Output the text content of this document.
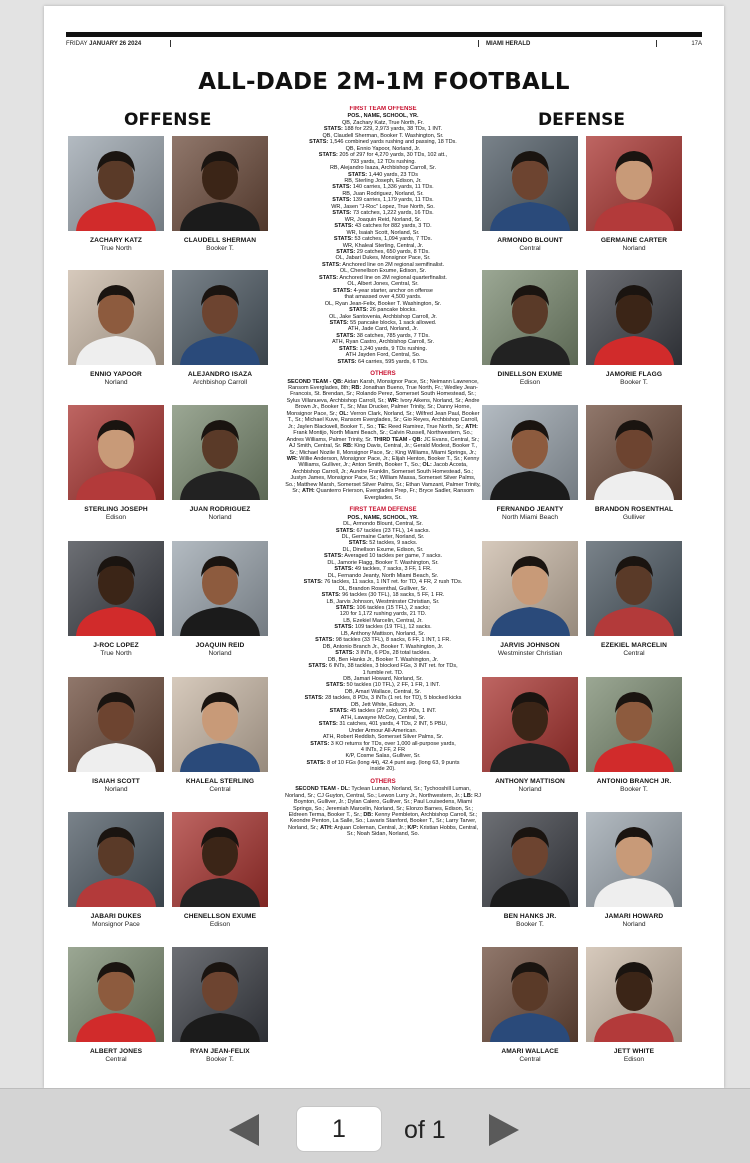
FRIDAY JANUARY 26 2024	MIAMI HERALD	17A
ALL-DADE 2M-1M FOOTBALL
OFFENSE	DEFENSE
ZACHARY KATZ
True North
CLAUDELL SHERMAN
Booker T.
ENNIO YAPOOR
Norland
ALEJANDRO ISAZA
Archbishop Carroll
STERLING JOSEPH
Edison
JUAN RODRIGUEZ
Norland
J-ROC LOPEZ
True North
JOAQUIN REID
Norland
ISAIAH SCOTT
Norland
KHALEAL STERLING
Central
JABARI DUKES
Monsignor Pace
CHENELLSON EXUME
Edison
ALBERT JONES
Central
RYAN JEAN-FELIX
Booker T.
ARMONDO BLOUNT
Central
GERMAINE CARTER
Norland
DINELLSON EXUME
Edison
JAMORIE FLAGG
Booker T.
FERNANDO JEANTY
North Miami Beach
BRANDON ROSENTHAL
Gulliver
JARVIS JOHNSON
Westminster Christian
EZEKIEL MARCELIN
Central
ANTHONY MATTISON
Norland
ANTONIO BRANCH JR.
Booker T.
BEN HANKS JR.
Booker T.
JAMARI HOWARD
Norland
AMARI WALLACE
Central
JETT WHITE
Edison
FIRST TEAM OFFENSE
POS., NAME, SCHOOL, YR.
QB, Zachary Katz, True North, Fr.
STATS: 188 for 229, 2,973 yards, 38 TDs, 1 INT.
QB, Claudell Sherman, Booker T. Washington, Sr.
STATS: 1,546 combined yards rushing and passing, 18 TDs.
QB, Ennio Yapoor, Norland, Jr.
STATS: 205 of 297 for 4,270 yards, 30 TDs, 102 att.,
793 yards, 12 TDs rushing.
RB, Alejandro Isaza, Archbishop Carroll, Sr.
STATS: 1,440 yards, 23 TDs
RB, Sterling Joseph, Edison, Jr.
STATS: 140 carries, 1,336 yards, 11 TDs.
RB, Juan Rodriguez, Norland, Sr.
STATS: 139 carries, 1,179 yards, 11 TDs.
WR, Jasen "J-Roc" Lopez, True North, So.
STATS: 73 catches, 1,222 yards, 16 TDs.
WR, Joaquin Reid, Norland, Sr.
STATS: 43 catches for 882 yards, 3 TD.
WR, Isaiah Scott, Norland, Sr.
STATS: 53 catches, 1,094 yards, 7 TDs.
WR, Khaleal Sterling, Central, Jr.
STATS: 29 catches, 650 yards, 8 TDs.
OL, Jabari Dukes, Monsignor Pace, Sr.
STATS: Anchored line on 2M regional semifinalist.
OL, Chenellson Exume, Edison, Sr.
STATS: Anchored line on 2M regional quarterfinalist.
OL, Albert Jones, Central, Sr.
STATS: 4-year starter, anchor on offense
that amassed over 4,500 yards.
OL, Ryan Jean-Felix, Booker T. Washington, Sr.
STATS: 26 pancake blocks.
OL, Jake Santovenia, Archbishop Carroll, Jr.
STATS: 55 pancake blocks, 1 sack allowed.
ATH, Jade Card, Norland, Jr.
STATS: 38 catches, 785 yards, 7 TDs.
ATH, Ryan Castro, Archbishop Carroll, Sr.
STATS: 1,240 yards, 9 TDs rushing.
ATH Jayden Ford, Central, So.
STATS: 64 carries, 595 yards, 6 TDs.
OTHERS
SECOND TEAM - QB: Aidan Karsh, Monsignor Pace, Sr.; Neimann Lawrence, Ransom Everglades, 8th; RB: Jonathan Bueno, True North, Fr.; Wedley Jean-Francois, St. Brendan, Sr.; Rolando Perez, Somerset South Homestead, Sr.; Sylus Villanueva, Archbishop Carroll, Sr.; WR: Ivory Aikens, Norland, Sr.; Andre Brown Jr., Booker T., Sr.; Max Drucker, Palmer Trinity, Sr.; Danny Horne, Monsignor Pace, Sr.; OL: Verron Clark, Norland, Sr.; Wilfred Jean Paul, Booker T., Sr.; Michael Kuve, Ransom Everglades, Sr.; Gio Reyes, Archbishop Carroll, Jr.; Jaylen Blackwell, Booker T., So.; TE: Reed Ramirez, True North, Sr.; ATH: Frank Montijo, North Miami Beach, Sr.; Calvin Russell, Northwestern, So.; Andres Williams, Palmer Trinity, Sr. THIRD TEAM - QB: JC Evans, Central, Sr.; AJ Smith, Central, Sr. RB: King Davis, Central, Jr.; Gerald Modest, Booker T., Sr.; Michael Nozile II, Monsignor Pace, Sr.; King Williams, Miami Springs, Jr.; WR: Willie Anderson, Monsignor Pace, Jr.; Elijah Henton, Booker T., Sr.; Kenny Williams, Gulliver, Jr.; Anton Smith, Booker T., So.; OL: Jacob Acosta, Archbishop Carroll, Jr.; Aundre Franklin, Somerset South Homestead, So.; Justyn James, Monsignor Pace, Sr.; William Massa, Somerset Silver Palms, So.; Matthew Marsh, Somerset Silver Palms, Sr.; Ethan Vamzant, Palmer Trinity, Sr.; ATH: Quanterro Frierson, Everglades Prep, Fr.; Bryce Sadler, Ransom Everglades, Sr.
FIRST TEAM DEFENSE
POS., NAME, SCHOOL, YR.
DL, Armondo Blount, Central, Sr.
STATS: 67 tackles (23 TFL), 14 sacks.
DL, Germaine Carter, Norland, Sr.
STATS: 52 tackles, 9 sacks.
DL, Dinellson Exume, Edison, Sr.
STATS: Averaged 10 tackles per game, 7 sacks.
DL, Jamorie Flagg, Booker T. Washington, Sr.
STATS: 49 tackles, 7 sacks, 3 FF, 1 FR.
DL, Fernando Jeanty, North Miami Beach, Sr.
STATS: 76 tackles, 11 sacks, 1 INT ret. for TD, 4 FR, 2 rush TDs.
DL, Brandon Rosenthal, Gulliver, Sr.
STATS: 96 tackles (30 TFL), 18 sacks, 5 FF, 1 FR.
LB, Jarvis Johnson, Westminster Christian, Sr.
STATS: 106 tackles (15 TFL), 2 sacks;
120 for 1,172 rushing yards, 21 TD.
LB, Ezekiel Marcelin, Central, Jr.
STATS: 109 tackles (19 TFL), 12 sacks.
LB, Anthony Mattison, Norland, Sr.
STATS: 98 tackles (33 TFL), 8 sacks, 6 FF, 1 INT, 1 FR.
DB, Antonio Branch Jr., Booker T. Washington, Jr.
STATS: 3 INTs, 6 PDs, 28 total tackles.
DB, Ben Hanks Jr., Booker T. Washington, Jr.
STATS: 6 INTs, 38 tackles, 3 blocked FGs, 3 INT ret. for TDs,
1 fumble ret. TD.
DB, Jamari Howard, Norland, Sr.
STATS: 50 tackles (10 TFL), 2 FF, 1 FR, 1 INT.
DB, Amari Wallace, Central, Sr.
STATS: 28 tackles, 8 PDs, 3 INTs (1 ret. for TD), 5 blocked kicks
DB, Jett White, Edison, Jr.
STATS: 45 tackles (27 solo), 23 PDs, 1 INT.
ATH, Lawayne McCoy, Central, Sr.
STATS: 31 catches, 401 yards, 4 TDs, 2 INT, 5 PBU,
Under Armour All-American.
ATH, Robert Reddish, Somerset Silver Palms, Sr.
STATS: 3 KO returns for TDs, over 1,000 all-purpose yards,
4 INTs, 2 FF, 2 FR
K/P, Cosme Salas, Gulliver, Sr.
STATS: 8 of 10 FGs (long 44), 42.4 punt avg. (long 63, 9 punts
inside 20).
OTHERS
SECOND TEAM - DL: Tyclean Luman, Norland, Sr.; Tychooshill Luman, Norland, Sr.; CJ Guyton, Central, So.; Lewon Lurry Jr., Northwestern, Jr.; LB: RJ Boynton, Gulliver, Jr.; Dylan Calero, Gulliver, Sr.; Paul Louisedens, Miami Springs, So.; Jeremiah Marcelin, Norland, Sr.; Elonzo Barnes, Edison, Sr.; Eldreen Terma, Booker T., Sr.; DB: Kenny Pembleton, Archbishop Carroll, Sr.; Keondre Penton, La Salle, So.; Lavaris Stanford, Booker T., Sr.; Larry Tarver, Norland, Sr.; ATH: Anjuan Coleman, Central, Jr.; K/P: Kristian Hobbs, Central, Sr.; Noah Sidan, Norland, So.
1
of 1
